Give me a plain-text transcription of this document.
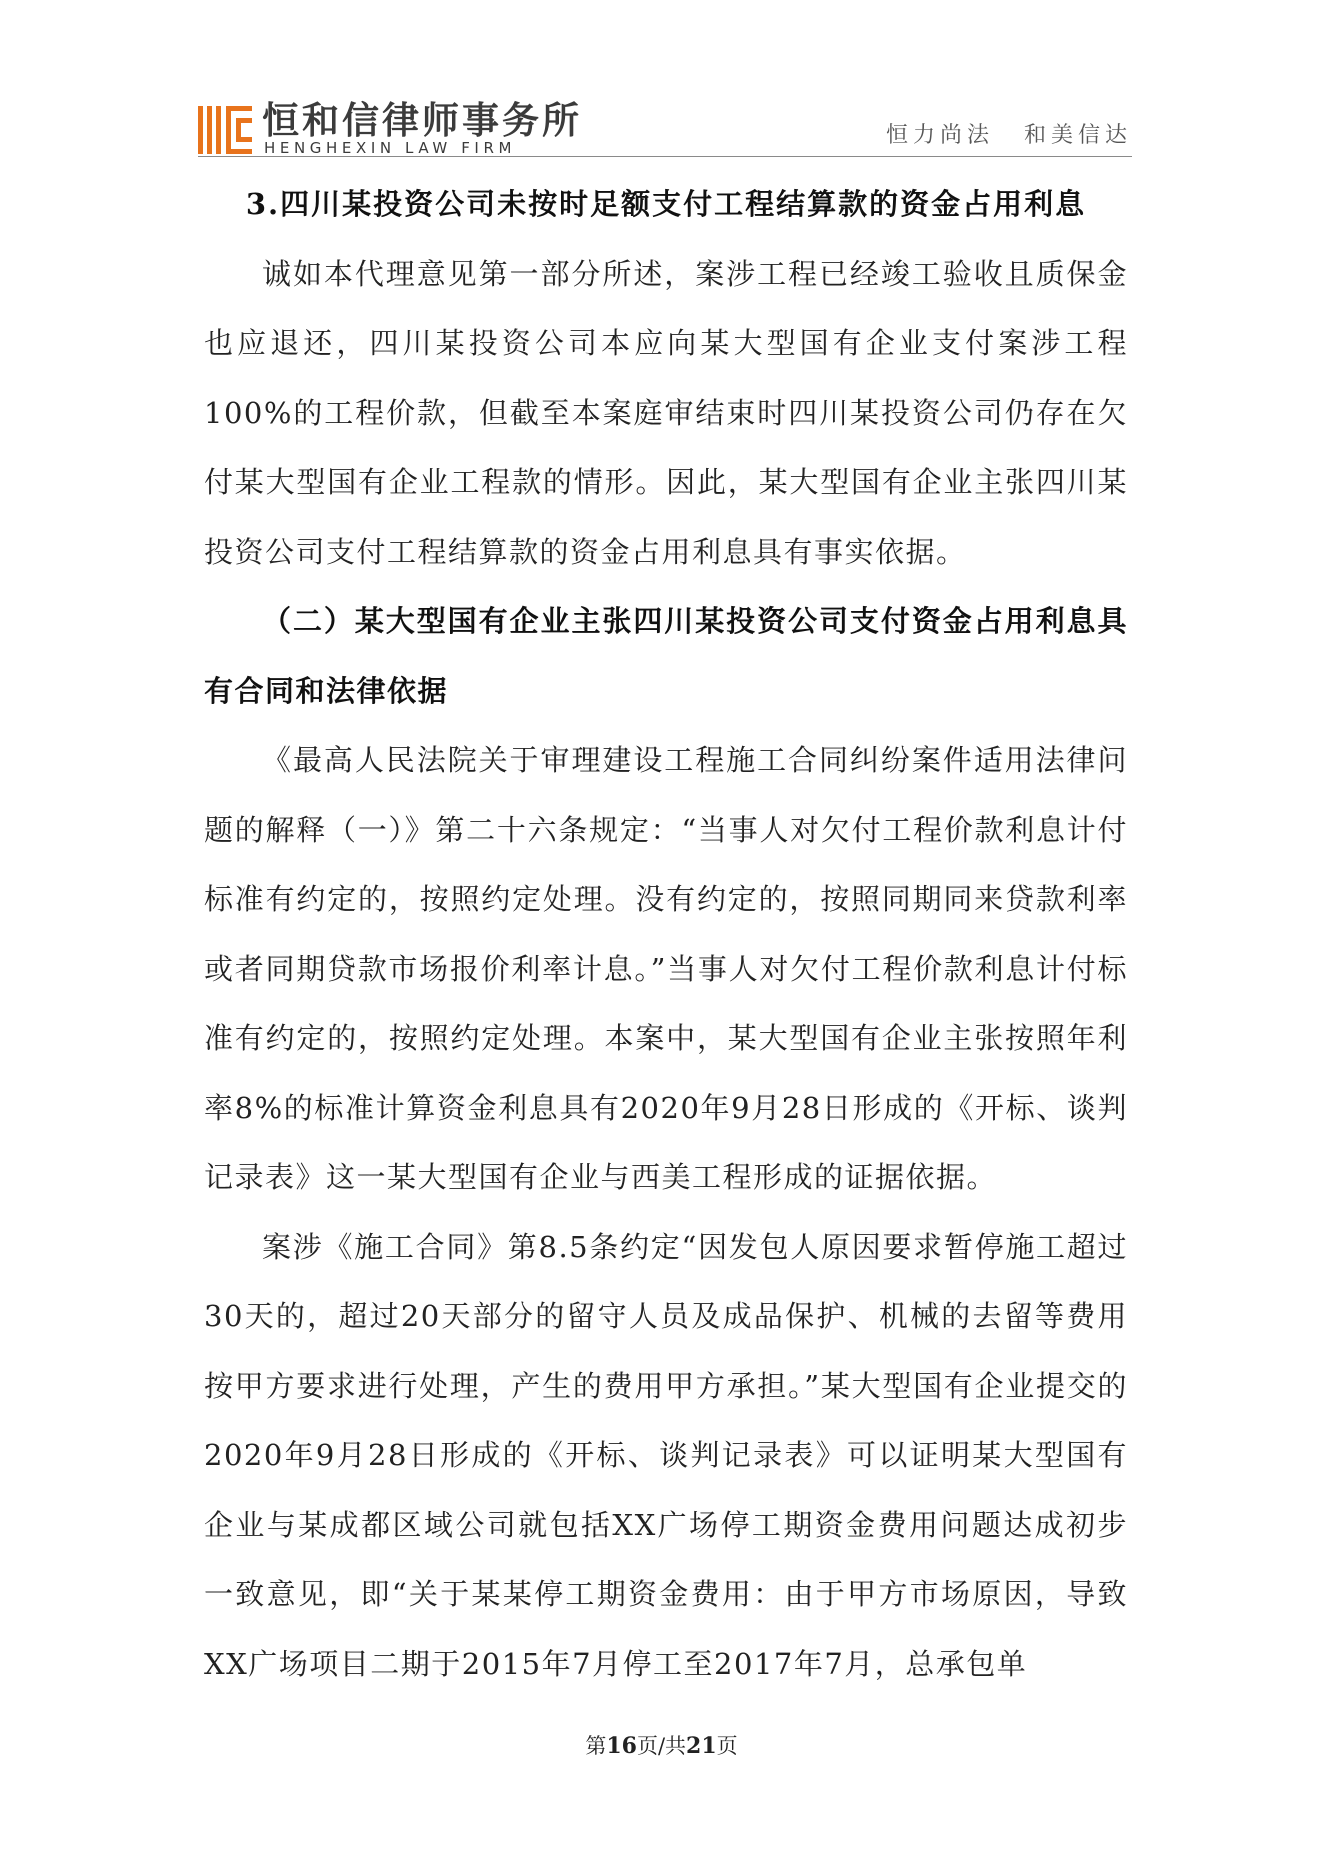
恒和信律师事务所
HENGHEXIN LAW FIRM	恒力尚法 和美信达

3.四川某投资公司未按时足额支付工程结算款的资金占用利息

诚如本代理意见第一部分所述，案涉工程已经竣工验收且质保金也应退还，四川某投资公司本应向某大型国有企业支付案涉工程100%的工程价款，但截至本案庭审结束时四川某投资公司仍存在欠付某大型国有企业工程款的情形。因此，某大型国有企业主张四川某投资公司支付工程结算款的资金占用利息具有事实依据。

（二）某大型国有企业主张四川某投资公司支付资金占用利息具有合同和法律依据

《最高人民法院关于审理建设工程施工合同纠纷案件适用法律问题的解释（一）》第二十六条规定：“当事人对欠付工程价款利息计付标准有约定的，按照约定处理。没有约定的，按照同期同来贷款利率或者同期贷款市场报价利率计息。”当事人对欠付工程价款利息计付标准有约定的，按照约定处理。本案中，某大型国有企业主张按照年利率8%的标准计算资金利息具有2020年9月28日形成的《开标、谈判记录表》这一某大型国有企业与西美工程形成的证据依据。

案涉《施工合同》第8.5条约定“因发包人原因要求暂停施工超过30天的，超过20天部分的留守人员及成品保护、机械的去留等费用按甲方要求进行处理，产生的费用甲方承担。”某大型国有企业提交的2020年9月28日形成的《开标、谈判记录表》可以证明某大型国有企业与某成都区域公司就包括XX广场停工期资金费用问题达成初步一致意见，即“关于某某停工期资金费用：由于甲方市场原因，导致XX广场项目二期于2015年7月停工至2017年7月，总承包单

第16页/共21页
